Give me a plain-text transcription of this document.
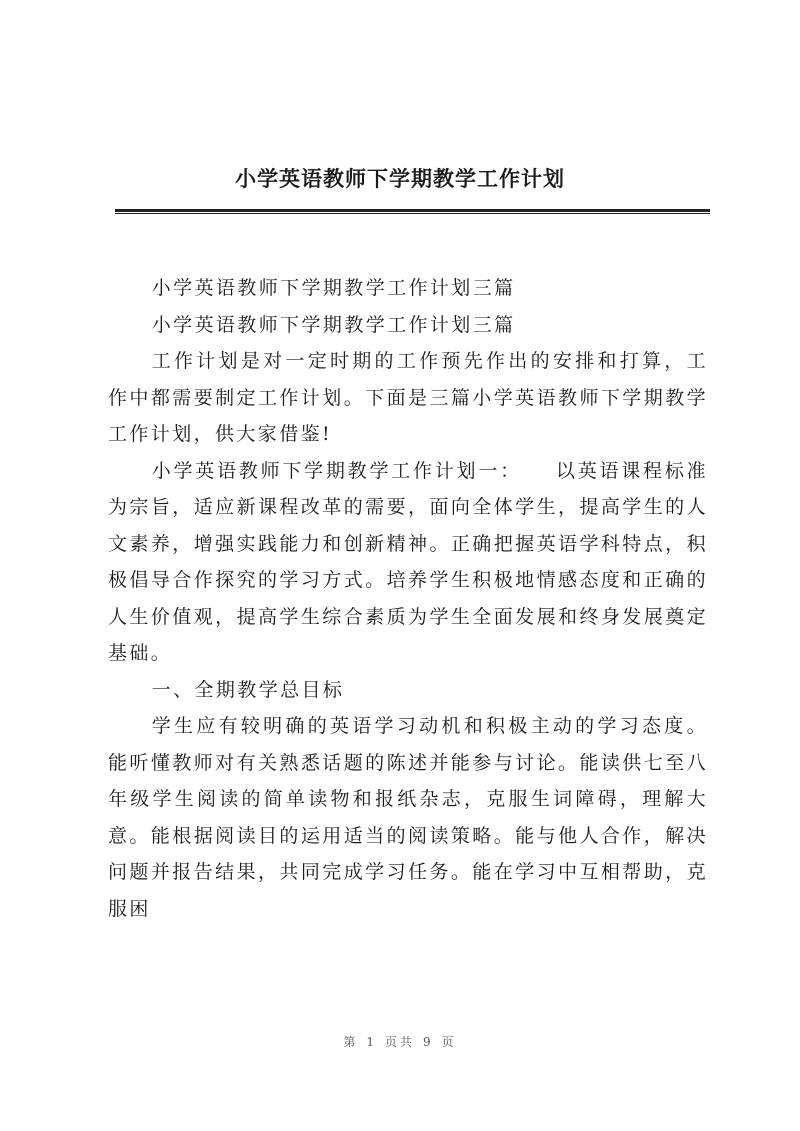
小学英语教师下学期教学工作计划

小学英语教师下学期教学工作计划三篇

小学英语教师下学期教学工作计划三篇

工作计划是对一定时期的工作预先作出的安排和打算，工作中都需要制定工作计划。下面是三篇小学英语教师下学期教学工作计划，供大家借鉴!

小学英语教师下学期教学工作计划一：　　以英语课程标准为宗旨，适应新课程改革的需要，面向全体学生，提高学生的人文素养，增强实践能力和创新精神。正确把握英语学科特点，积极倡导合作探究的学习方式。培养学生积极地情感态度和正确的人生价值观，提高学生综合素质为学生全面发展和终身发展奠定基础。

一、全期教学总目标

学生应有较明确的英语学习动机和积极主动的学习态度。能听懂教师对有关熟悉话题的陈述并能参与讨论。能读供七至八年级学生阅读的简单读物和报纸杂志，克服生词障碍，理解大意。能根据阅读目的运用适当的阅读策略。能与他人合作，解决问题并报告结果，共同完成学习任务。能在学习中互相帮助，克服困

第 1 页共 9 页
